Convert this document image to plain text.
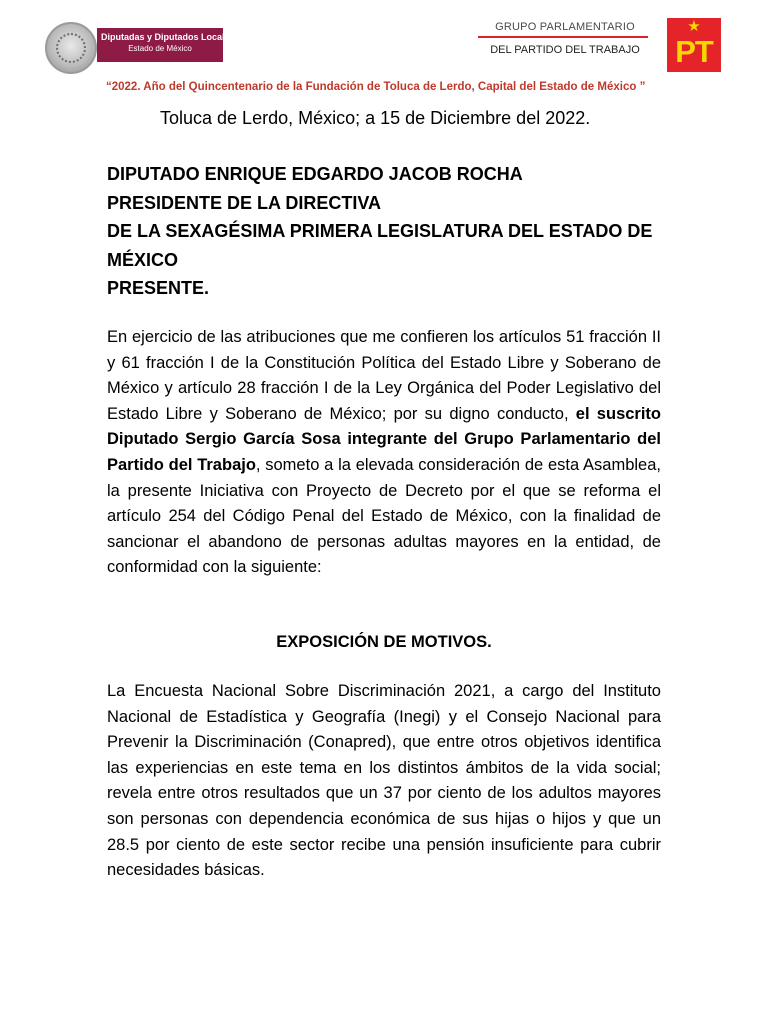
Diputadas y Diputados Locales
Estado de México
GRUPO PARLAMENTARIO
DEL PARTIDO DEL TRABAJO
★
PT
“2022. Año del Quincentenario de la Fundación de Toluca de Lerdo, Capital del Estado de México ”
Toluca de Lerdo, México; a 15 de Diciembre del 2022.
DIPUTADO ENRIQUE EDGARDO JACOB ROCHA
PRESIDENTE DE LA DIRECTIVA
DE LA SEXAGÉSIMA PRIMERA LEGISLATURA DEL ESTADO DE MÉXICO
PRESENTE.
En ejercicio de las atribuciones que me confieren los artículos 51 fracción II y 61 fracción I de la Constitución Política del Estado Libre y Soberano de México y artículo 28 fracción I de la Ley Orgánica del Poder Legislativo del Estado Libre y Soberano de México; por su digno conducto, el suscrito Diputado Sergio García Sosa integrante del Grupo Parlamentario del Partido del Trabajo, someto a la elevada consideración de esta Asamblea, la presente Iniciativa con Proyecto de Decreto por el que se reforma el artículo 254 del Código Penal del Estado de México, con la finalidad de sancionar el abandono de personas adultas mayores en la entidad, de conformidad con la siguiente:
EXPOSICIÓN DE MOTIVOS.
La Encuesta Nacional Sobre Discriminación 2021, a cargo del Instituto Nacional de Estadística y Geografía (Inegi) y el Consejo Nacional para Prevenir la Discriminación (Conapred), que entre otros objetivos identifica las experiencias en este tema en los distintos ámbitos de la vida social; revela entre otros resultados que un 37 por ciento de los adultos mayores son personas con dependencia económica de sus hijas o hijos y que un 28.5 por ciento de este sector recibe una pensión insuficiente para cubrir necesidades básicas.
